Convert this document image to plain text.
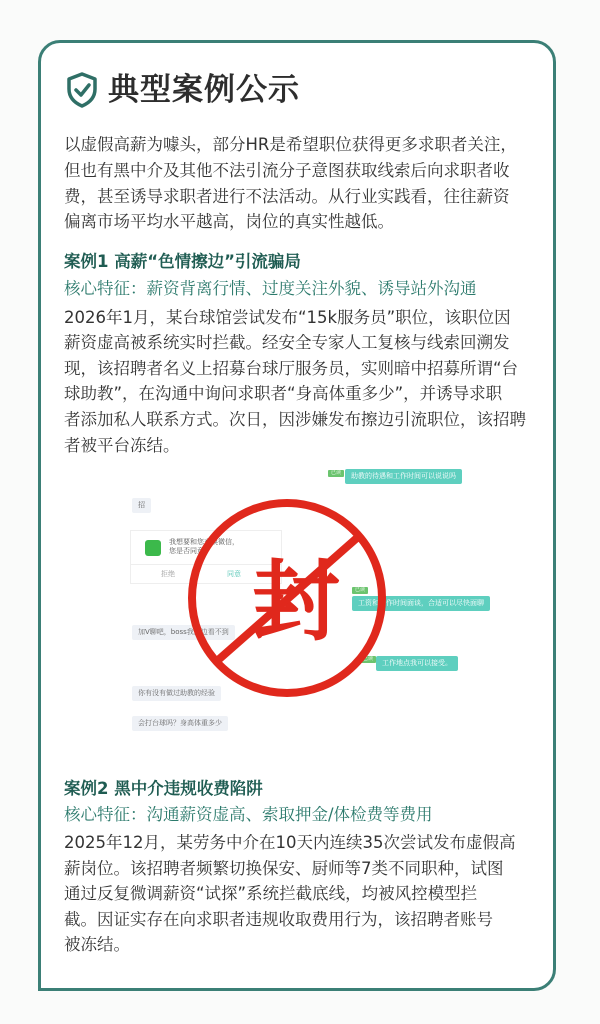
典型案例公示
以虚假高薪为噱头，部分HR是希望职位获得更多求职者关注，
但也有黑中介及其他不法引流分子意图获取线索后向求职者收
费，甚至诱导求职者进行不法活动。从行业实践看，往往薪资
偏离市场平均水平越高，岗位的真实性越低。
案例1 高薪“色情擦边”引流骗局
核心特征：薪资背离行情、过度关注外貌、诱导站外沟通
2026年1月，某台球馆尝试发布“15k服务员”职位，该职位因
薪资虚高被系统实时拦截。经安全专家人工复核与线索回溯发
现，该招聘者名义上招募台球厅服务员，实则暗中招募所谓“台
球助教”，在沟通中询问求职者“身高体重多少”，并诱导求职
者添加私人联系方式。次日，因涉嫌发布擦边引流职位，该招聘
者被平台冻结。
已读	助教的待遇和工作时间可以说说吗
招
我想要和您交换微信，您是否同意
拒绝	同意
已读
工资和工作时间面谈，合适可以尽快面聊
加V聊吧，boss我这边看不到
已读	工作地点我可以接受。
你有没有做过助教的经验
会打台球吗？身高体重多少
封
案例2 黑中介违规收费陷阱
核心特征：沟通薪资虚高、索取押金/体检费等费用
2025年12月，某劳务中介在10天内连续35次尝试发布虚假高
薪岗位。该招聘者频繁切换保安、厨师等7类不同职种，试图
通过反复微调薪资“试探”系统拦截底线，均被风控模型拦
截。因证实存在向求职者违规收取费用行为，该招聘者账号
被冻结。
